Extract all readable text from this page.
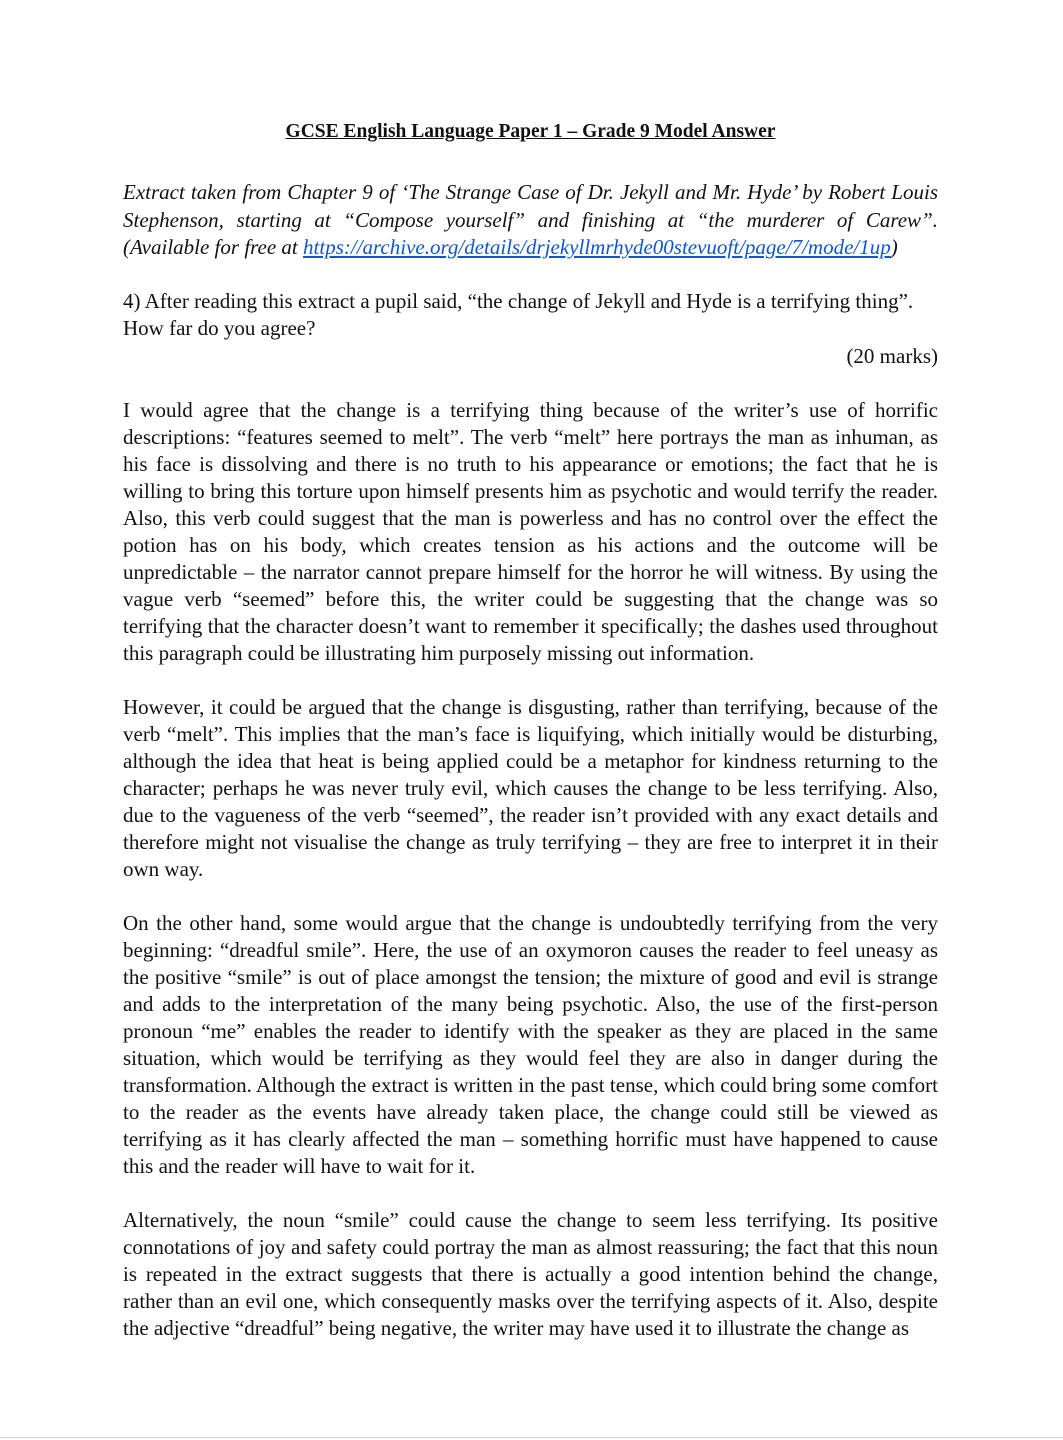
GCSE English Language Paper 1 – Grade 9 Model Answer

Extract taken from Chapter 9 of ‘The Strange Case of Dr. Jekyll and Mr. Hyde’ by Robert Louis Stephenson, starting at “Compose yourself” and finishing at “the murderer of Carew”. (Available for free at https://archive.org/details/drjekyllmrhyde00stevuoft/page/7/mode/1up)

4) After reading this extract a pupil said, “the change of Jekyll and Hyde is a terrifying thing”. How far do you agree?

(20 marks)

I would agree that the change is a terrifying thing because of the writer’s use of horrific descriptions: “features seemed to melt”. The verb “melt” here portrays the man as inhuman, as his face is dissolving and there is no truth to his appearance or emotions; the fact that he is willing to bring this torture upon himself presents him as psychotic and would terrify the reader. Also, this verb could suggest that the man is powerless and has no control over the effect the potion has on his body, which creates tension as his actions and the outcome will be unpredictable – the narrator cannot prepare himself for the horror he will witness. By using the vague verb “seemed” before this, the writer could be suggesting that the change was so terrifying that the character doesn’t want to remember it specifically; the dashes used throughout this paragraph could be illustrating him purposely missing out information.

However, it could be argued that the change is disgusting, rather than terrifying, because of the verb “melt”. This implies that the man’s face is liquifying, which initially would be disturbing, although the idea that heat is being applied could be a metaphor for kindness returning to the character; perhaps he was never truly evil, which causes the change to be less terrifying. Also, due to the vagueness of the verb “seemed”, the reader isn’t provided with any exact details and therefore might not visualise the change as truly terrifying – they are free to interpret it in their own way.

On the other hand, some would argue that the change is undoubtedly terrifying from the very beginning: “dreadful smile”. Here, the use of an oxymoron causes the reader to feel uneasy as the positive “smile” is out of place amongst the tension; the mixture of good and evil is strange and adds to the interpretation of the many being psychotic. Also, the use of the first-person pronoun “me” enables the reader to identify with the speaker as they are placed in the same situation, which would be terrifying as they would feel they are also in danger during the transformation. Although the extract is written in the past tense, which could bring some comfort to the reader as the events have already taken place, the change could still be viewed as terrifying as it has clearly affected the man – something horrific must have happened to cause this and the reader will have to wait for it.

Alternatively, the noun “smile” could cause the change to seem less terrifying. Its positive connotations of joy and safety could portray the man as almost reassuring; the fact that this noun is repeated in the extract suggests that there is actually a good intention behind the change, rather than an evil one, which consequently masks over the terrifying aspects of it. Also, despite the adjective “dreadful” being negative, the writer may have used it to illustrate the change as
